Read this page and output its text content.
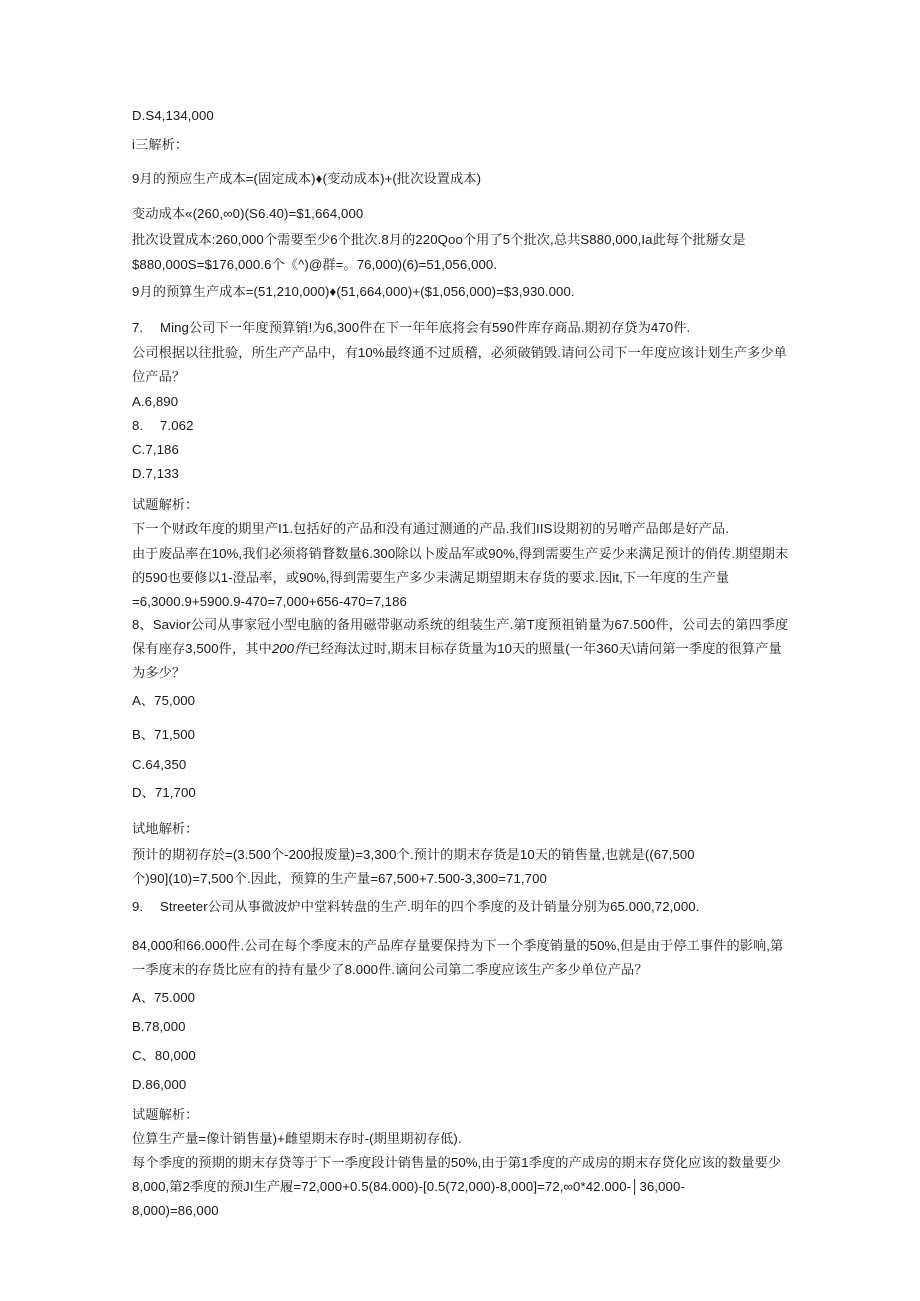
D.S4,134,000
i三解析：
9月的预应生产成本=(固定成本)♦(变动成本)+(批次设置成本)
变动成本«(260,∞0)(S6.40)=$1,664,000
批次设置成本:260,000个需要至少6个批次.8月的220Qoo个用了5个批次,总共S880,000,Ia此每个批掰女是
$880,000S=$176,000.6个《^)@群=。76,000)(6)=51,056,000.
9月的预算生产成本=(51,210,000)♦(51,664,000)+($1,056,000)=$3,930.000.
7. Ming公司下一年度预算销!为6,300件在下一年年底将会有590件库存商品.期初存贷为470件.
公司根据以往批验，所生产产品中，有10%最终通不过质稽，必须破销毁.请问公司下一年度应该计划生产多少单
位产品？
A.6,890
8. 7.062
C.7,186
D.7,133
试题解析：
下一个财政年度的期里产I1.包括好的产品和没有通过测通的产品.我们IIS设期初的另噌产品郎是好产品.
由于废品率在10%,我们必须将销瞀数量6.300除以卜废品军或90%,得到需要生产妥少来满足预计的俏传.期望期末
的590也要修以1-澄品率，或90%,得到需要生产多少耒满足期望期末存货的要求.因it,下一年度的生产量
=6,3000.9+5900.9-470=7,000+656-470=7,186
8、Savior公司从事家冠小型电脑的备用磁带驱动系统的组装生产.第T度预祖销量为67.500件，公司去的第四季度
保有座存3,500件，其中200件已经海汰过时,期末目标存货量为10天的照量(一年360天\请问第一季度的很算产量
为多少？
A、75,000
B、71,500
C.64,350
D、71,700
试地解析：
预计的期初存於=(3.500个-200报废量)=3,300个.预计的期末存货是10天的销售量,也就是((67,500
个)90](10)=7,500个.因此，预算的生产量=67,500+7.500-3,300=71,700
9. Streeter公司从事微波炉中堂料转盘的生产.明年的四个季度的及计销量分别为65.000,72,000.
84,000和66.000件.公司在每个季度末的产品库存量要保持为下一个季度销量的50%,但是由于停工事件的影响,第
一季度末的存货比应有的持有量少了8.000件.谪问公司第二季度应该生产多少单位产品？
A、75.000
B.78,000
C、80,000
D.86,000
试题解析：
位算生产量=像计销售量)+雌望期末存时-(期里期初存低).
每个季度的预期的期末存贷等于下一季度段计销售量的50%,由于第1季度的产成房的期末存贷化应该的数量要少
8,000,第2季度的预JI生产履=72,000+0.5(84.000)-[0.5(72,000)-8,000]=72,∞0*42.000-│36,000-
8,000)=86,000
